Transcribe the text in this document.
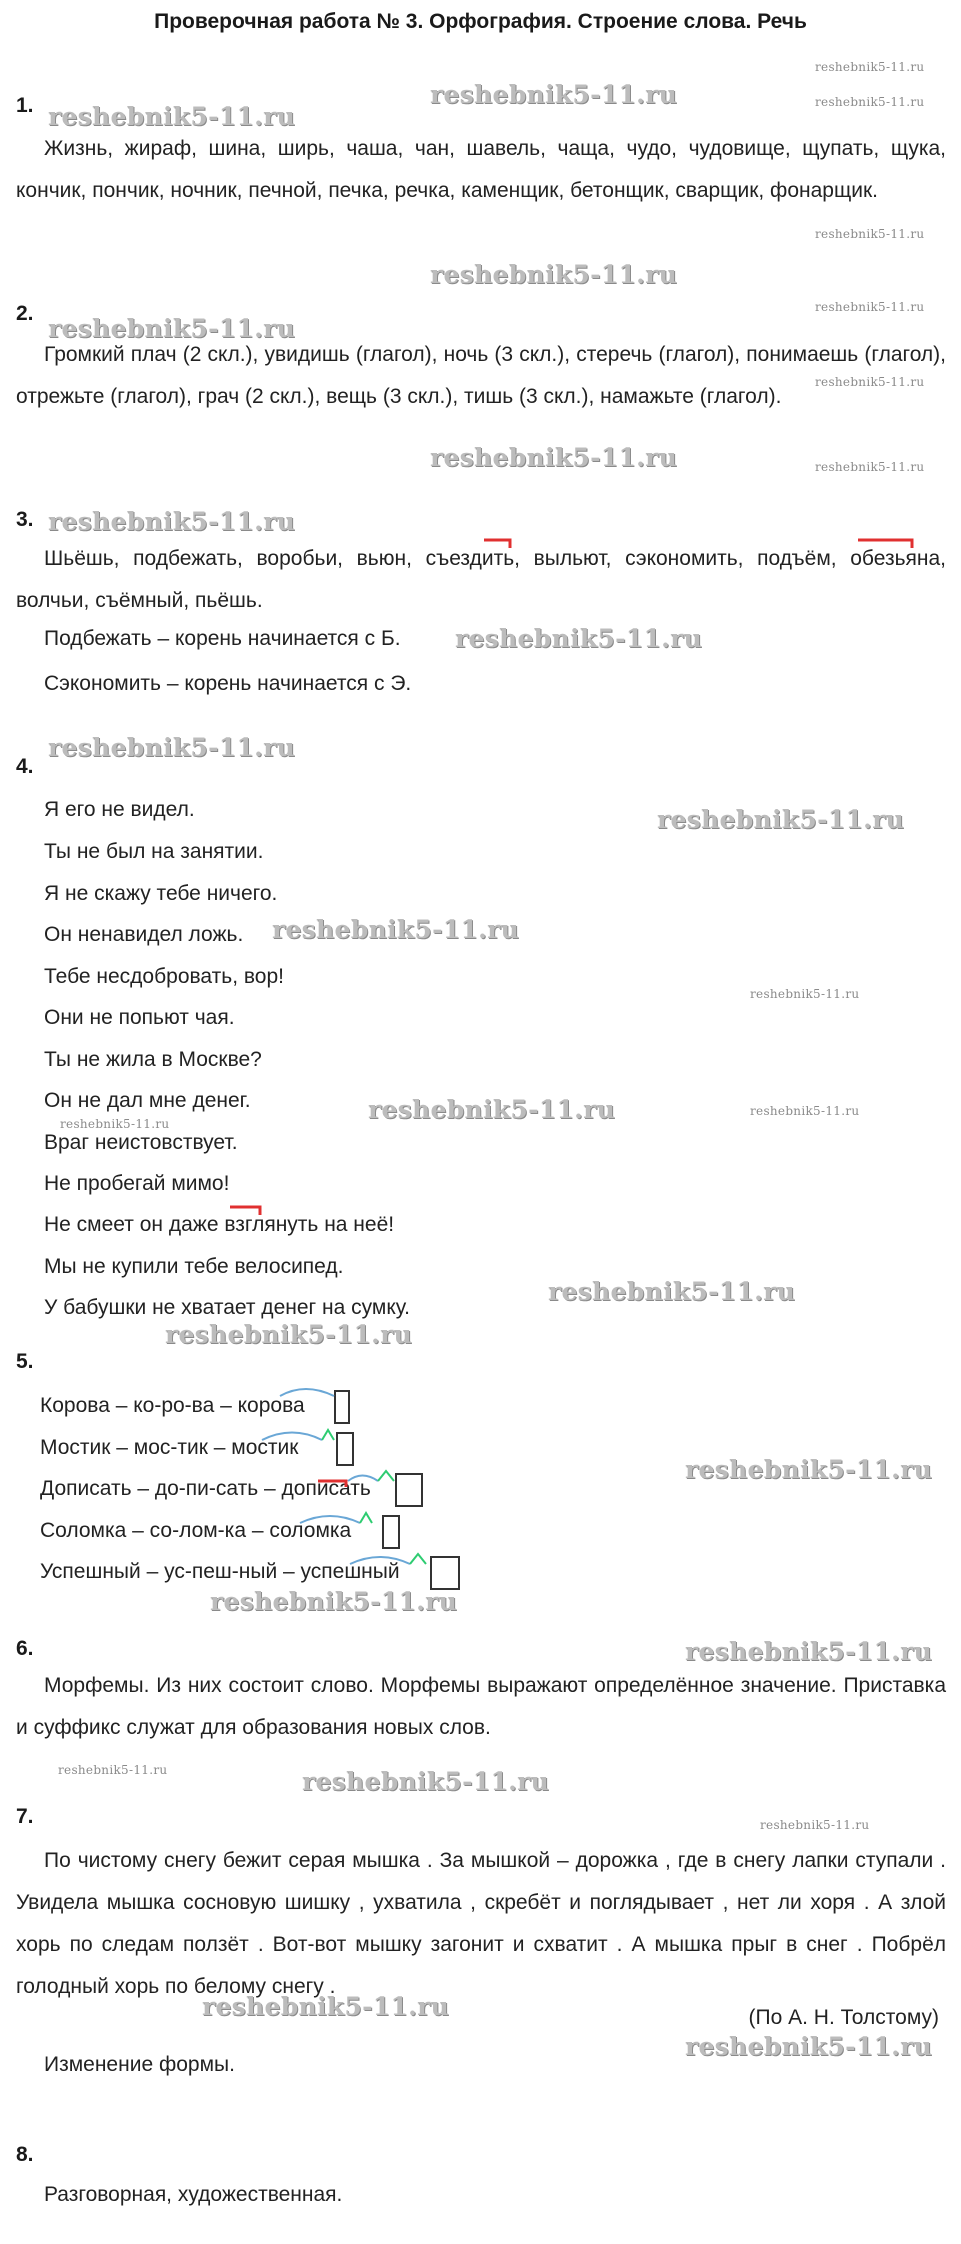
Проверочная работа № 3. Орфография. Строение слова. Речь
reshebnik5-11.ru
reshebnik5-11.ru
reshebnik5-11.ru
reshebnik5-11.ru
reshebnik5-11.ru
reshebnik5-11.ru
reshebnik5-11.ru
reshebnik5-11.ru
reshebnik5-11.ru
reshebnik5-11.ru	reshebnik5-11.ru
reshebnik5-11.ru
reshebnik5-11.ru
reshebnik5-11.ru
reshebnik5-11.ru
reshebnik5-11.ru
reshebnik5-11.ru
reshebnik5-11.ru
reshebnik5-11.ru
reshebnik5-11.ru
reshebnik5-11.ru
reshebnik5-11.ru
reshebnik5-11.ru
reshebnik5-11.ru
reshebnik5-11.ru
reshebnik5-11.ru	reshebnik5-11.ru
reshebnik5-11.ru
reshebnik5-11.ru
reshebnik5-11.ru
1.
Жизнь, жираф, шина, ширь, чаша, чан, шавель, чаща, чудо, чудовище, щупать, щука, кончик, пончик, ночник, печной, печка, речка, каменщик, бетонщик, сварщик, фонарщик.
2.
Громкий плач (2 скл.), увидишь (глагол), ночь (3 скл.), стеречь (глагол), понимаешь (глагол), отрежьте (глагол), грач (2 скл.), вещь (3 скл.), тишь (3 скл.), намажьте (глагол).
3.
Шьёшь, подбежать, воробьи, вьюн, съездить, выльют, сэкономить, подъём, обезьяна, волчьи, съёмный, пьёшь.
Подбежать – корень начинается с Б.
Сэкономить – корень начинается с Э.
4.
Я его не видел.
Ты не был на занятии.
Я не скажу тебе ничего.
Он ненавидел ложь.
Тебе несдобровать, вор!
Они не попьют чая.
Ты не жила в Москве?
Он не дал мне денег.
Враг неистовствует.
Не пробегай мимо!
Не смеет он даже взглянуть на неё!
Мы не купили тебе велосипед.
У бабушки не хватает денег на сумку.
5.
Корова – ко-ро-ва – корова
Мостик – мос-тик – мостик
Дописать – до-пи-сать – дописать
Соломка – со-лом-ка – соломка
Успешный – ус-пеш-ный – успешный
6.
Морфемы. Из них состоит слово. Морфемы выражают определённое значение. Приставка и суффикс служат для образования новых слов.
7.
По чистому снегу бежит серая мышка . За мышкой – дорожка , где в снегу лапки ступали . Увидела мышка сосновую шишку , ухватила , скребёт и поглядывает , нет ли хоря . А злой хорь по следам ползёт . Вот-вот мышку загонит и схватит . А мышка прыг в снег . Побрёл голодный хорь по белому снегу .
(По А. Н. Толстому)
Изменение формы.
8.
Разговорная, художественная.
